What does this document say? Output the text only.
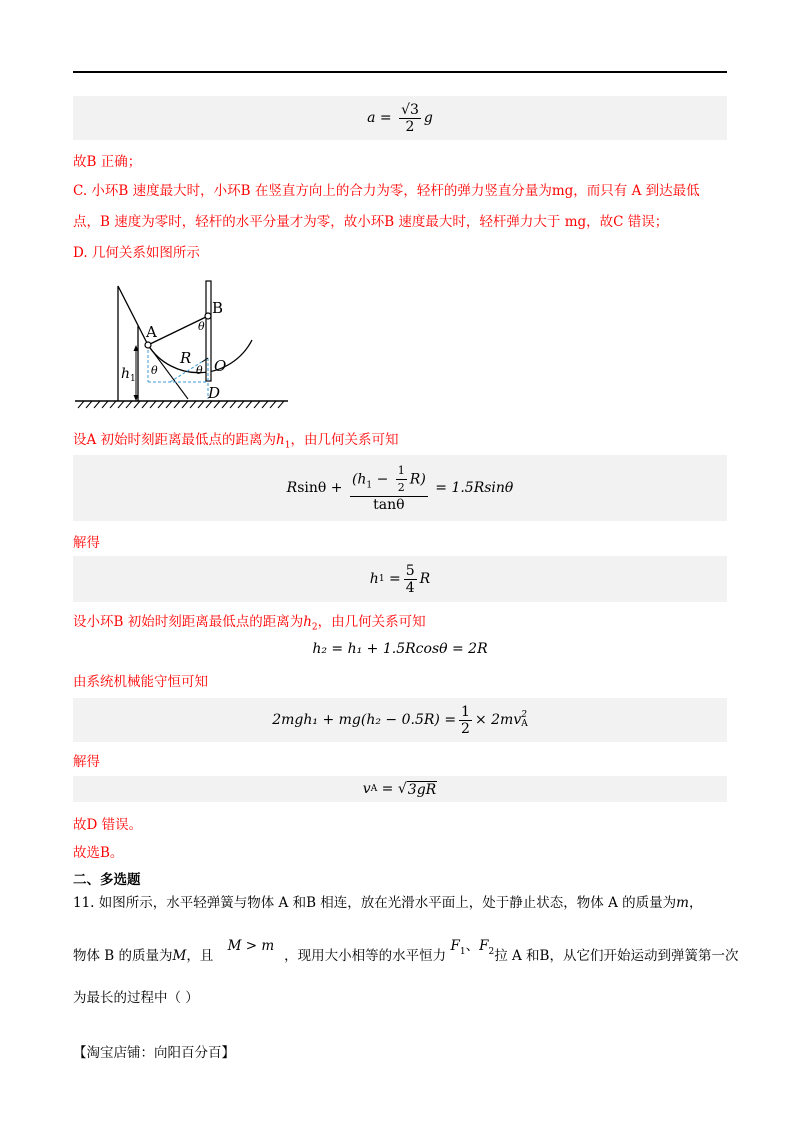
$a = \frac{√3}{2}$ g
故B 正确；
C. 小环B 速度最大时，小环B 在竖直方向上的合力为零，轻杆的弹力竖直分量为mg，而只有 A 到达最低
点，B 速度为零时，轻杆的水平分量才为零，故小环B 速度最大时，轻杆弹力大于 mg，故C 错误；
D. 几何关系如图所示
A
B
O
D
R
$h_1$
θ
θ	θ
设A 初始时刻距离最低点的距离为$h_1$，由几何关系可知
R sinθ
+
$\frac{(h_1 - \frac{1}{2} R)}{\tan\theta}$
= 1.5Rsinθ
解得
h 1
= $\frac{5}{4}$ R
设小环B 初始时刻距离最低点的距离为$h_2$，由几何关系可知
h₂ = h₁ + 1.5Rcosθ = 2R
由系统机械能守恒可知
$2mgh_1 + mg(h_2 - 0.5R) = \frac{1}{2} \times 2mv$ 2
A
解得
v A
=
√ 3gR
故D 错误。
故选B。
二、多选题
11. 如图所示，水平轻弹簧与物体 A 和B 相连，放在光滑水平面上，处于静止状态，物体 A 的质量为m，
物体 B 的质量为M，且 M > m，现用大小相等的水平恒力 $F_1$、$F_2$拉 A 和B，从它们开始运动到弹簧第一次
为最长的过程中（ ）
【淘宝店铺：向阳百分百】
